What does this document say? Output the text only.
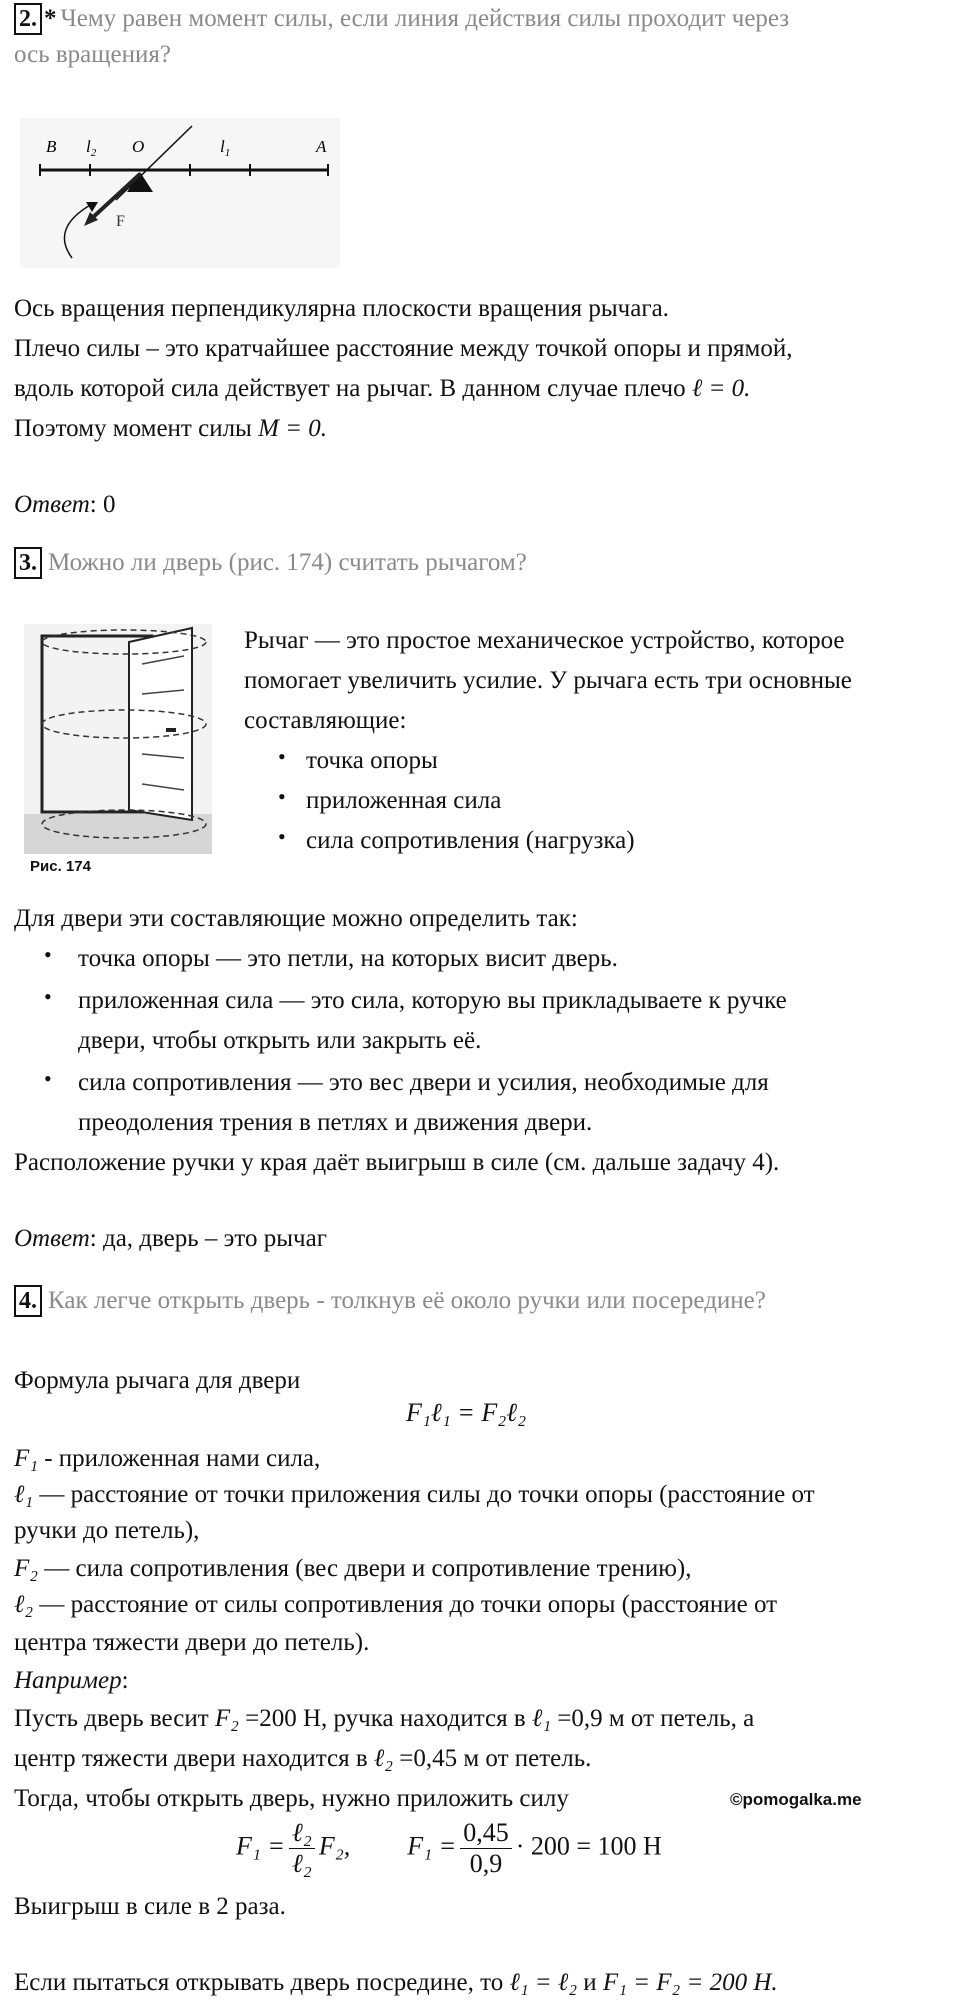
2. * Чему равен момент силы, если линия действия силы проходит через
ось вращения?
B $l_2$ O	$l_1$	A
F
Ось вращения перпендикулярна плоскости вращения рычага.
Плечо силы – это кратчайшее расстояние между точкой опоры и прямой,
вдоль которой сила действует на рычаг. В данном случае плечо ℓ = 0.
Поэтому момент силы M = 0.
Ответ: 0
3. Можно ли дверь (рис. 174) считать рычагом?
Рис. 174
Рычаг — это простое механическое устройство, которое
помогает увеличить усилие. У рычага есть три основные
составляющие:
• точка опоры
• приложенная сила
• сила сопротивления (нагрузка)
Для двери эти составляющие можно определить так:
• точка опоры — это петли, на которых висит дверь.
• приложенная сила — это сила, которую вы прикладываете к ручке
двери, чтобы открыть или закрыть её.
• сила сопротивления — это вес двери и усилия, необходимые для
преодоления трения в петлях и движения двери.
Расположение ручки у края даёт выигрыш в силе (см. дальше задачу 4).
Ответ: да, дверь – это рычаг
4. Как легче открыть дверь - толкнув её около ручки или посередине?
Формула рычага для двери
F₁ℓ₁ = F₂ℓ₂
F₁ - приложенная нами сила,
ℓ₁ — расстояние от точки приложения силы до точки опоры (расстояние от
ручки до петель),
F₂ — сила сопротивления (вес двери и сопротивление трению),
ℓ₂ — расстояние от силы сопротивления до точки опоры (расстояние от
центра тяжести двери до петель).
Например:
Пусть дверь весит F₂ =200 Н, ручка находится в ℓ₁ =0,9 м от петель, а
центр тяжести двери находится в ℓ₂ =0,45 м от петель.
Тогда, чтобы открыть дверь, нужно приложить силу	©pomogalka.me
$F_1 = \frac{\text{ℓ₂}}{\text{ℓ₂}} F_2$, $F_1 = \frac{0,45}{0,9} \cdot 200 = 100$ Н
Выигрыш в силе в 2 раза.
Если пытаться открывать дверь посредине, то ℓ₁ = ℓ₂ и F₁ = F₂ = 200 Н.
